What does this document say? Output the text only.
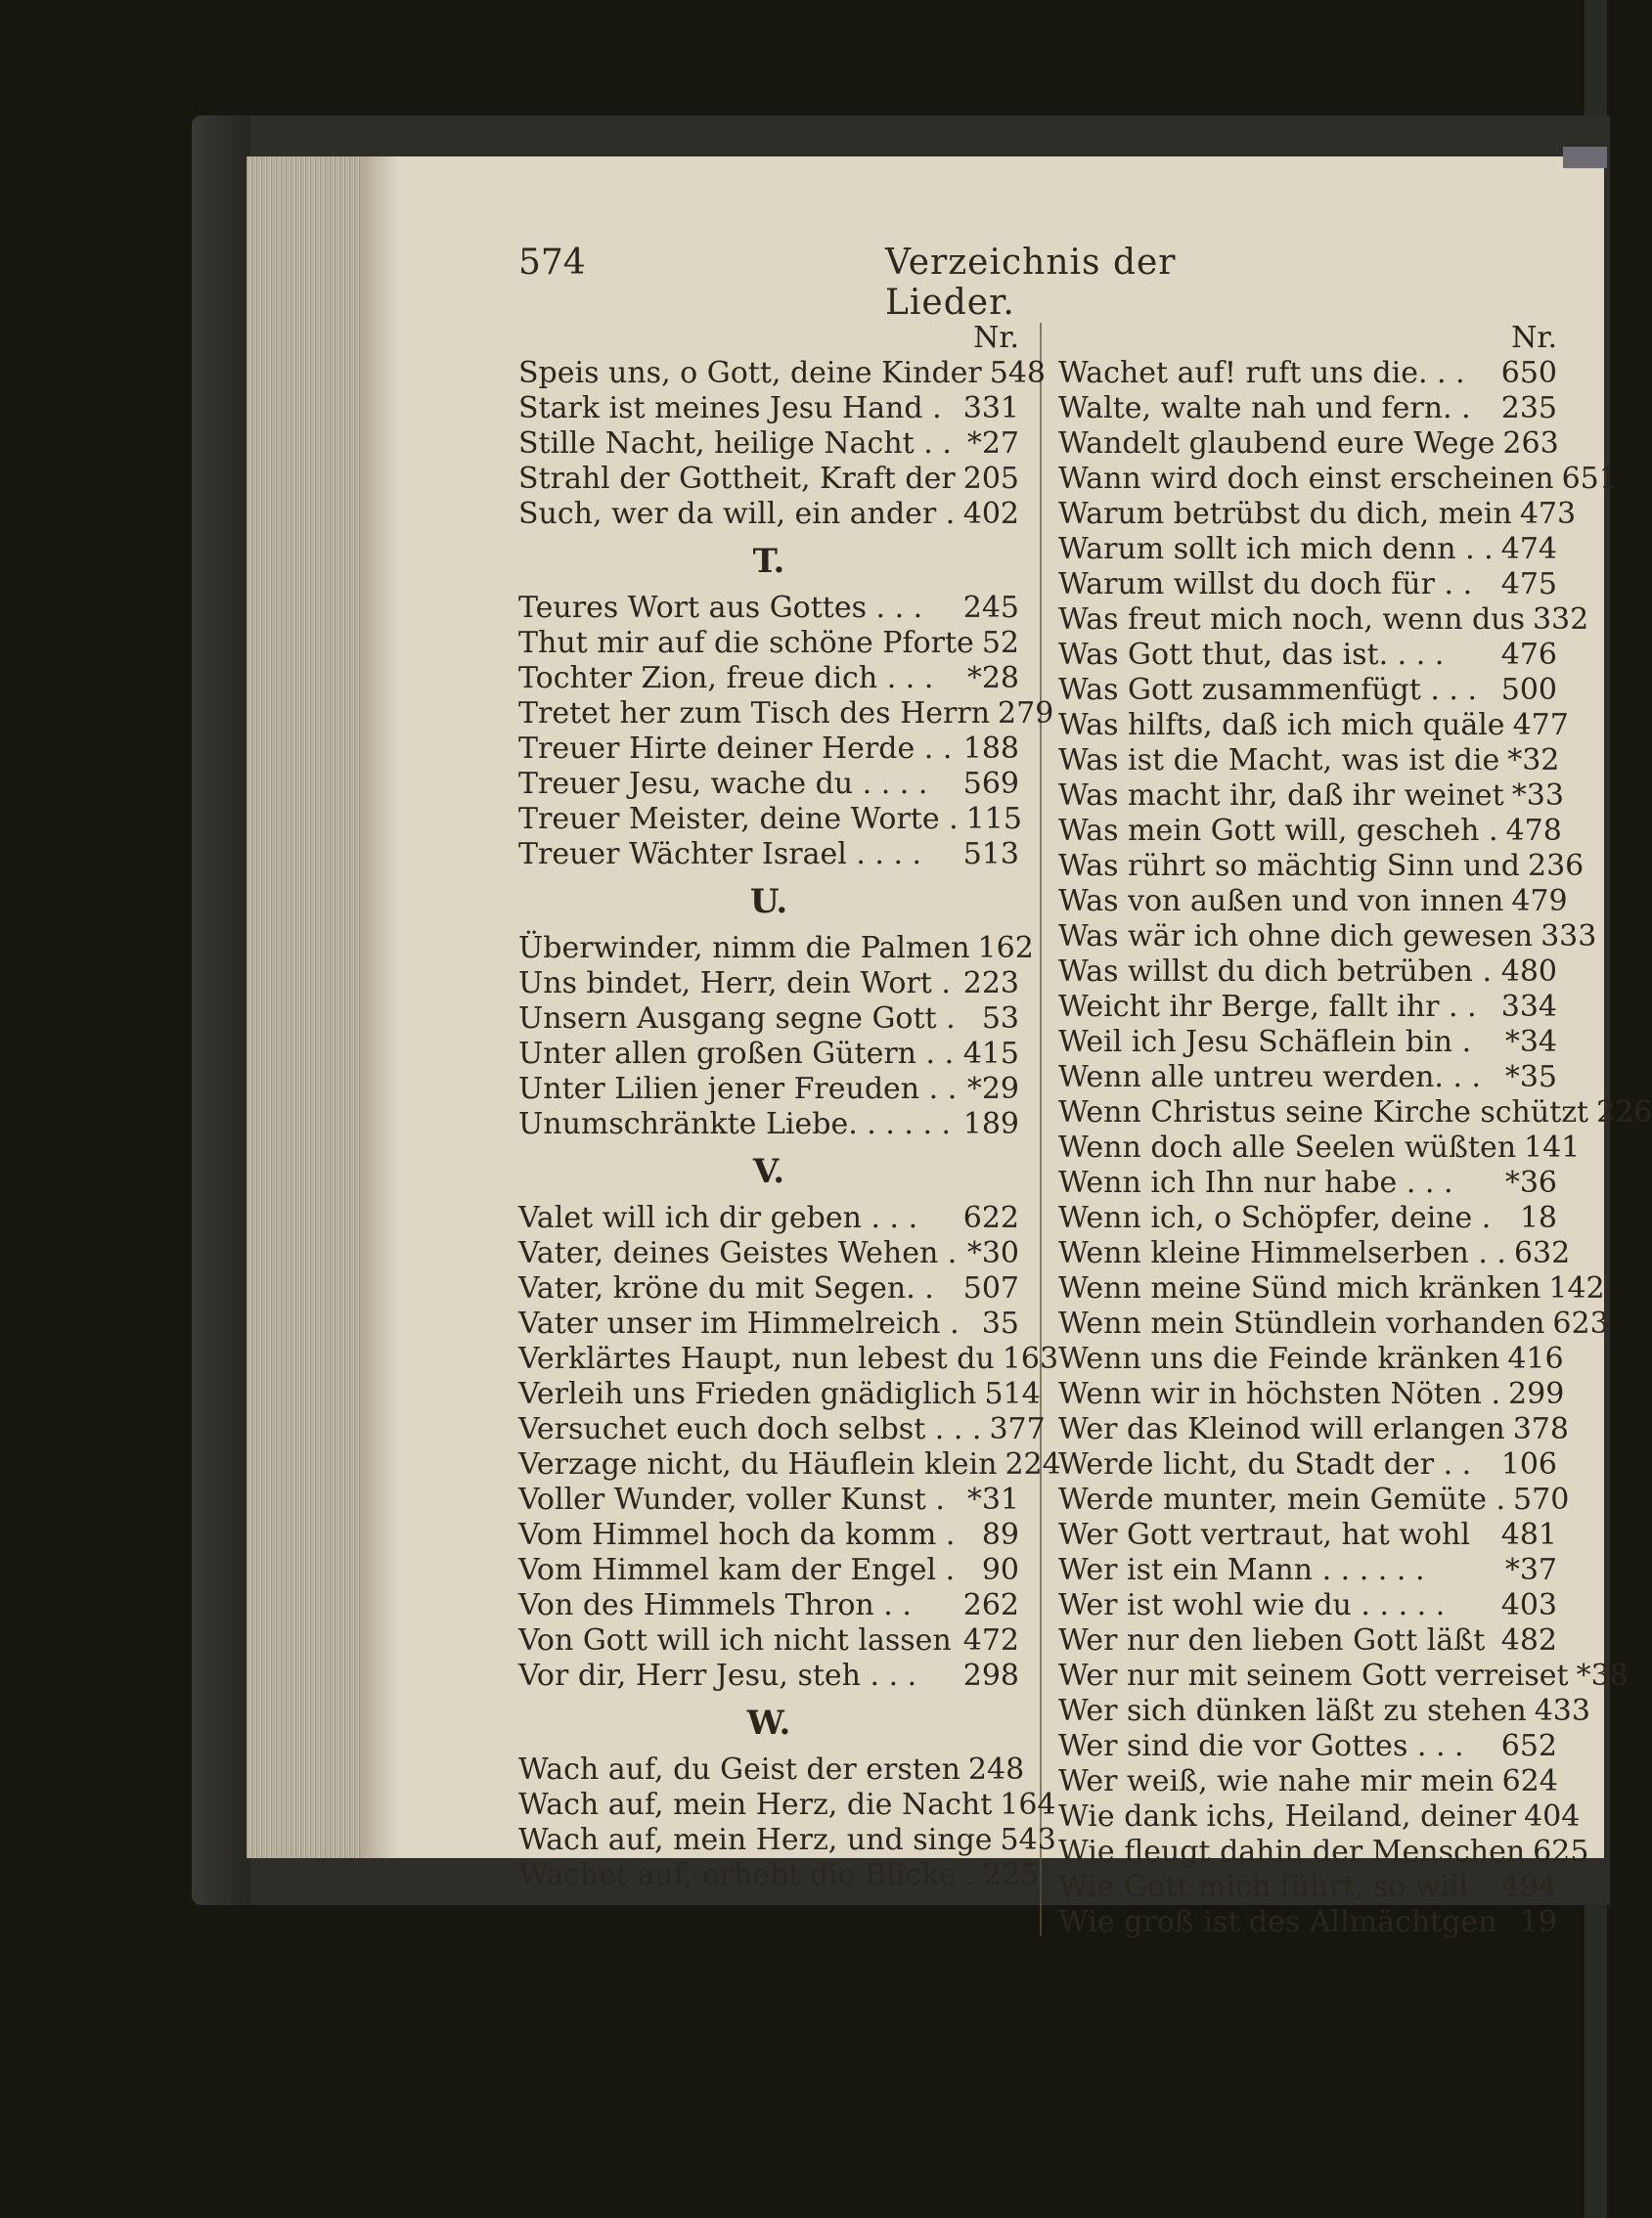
574	Verzeichnis der Lieder.
Nr.
Speis uns, o Gott, deine Kinder 548
Stark ist meines Jesu Hand . 331
Stille Nacht, heilige Nacht . . *27
Strahl der Gottheit, Kraft der 205
Such, wer da will, ein ander . 402
T.
Teures Wort aus Gottes . . . 245
Thut mir auf die schöne Pforte 52
Tochter Zion, freue dich . . . *28
Tretet her zum Tisch des Herrn 279
Treuer Hirte deiner Herde . . 188
Treuer Jesu, wache du . . . . 569
Treuer Meister, deine Worte . 115
Treuer Wächter Israel . . . . 513
U.
Überwinder, nimm die Palmen 162
Uns bindet, Herr, dein Wort . 223
Unsern Ausgang segne Gott . 53
Unter allen großen Gütern . . 415
Unter Lilien jener Freuden . . *29
Unumschränkte Liebe. . . . . . 189
V.
Valet will ich dir geben . . . 622
Vater, deines Geistes Wehen . *30
Vater, kröne du mit Segen. . 507
Vater unser im Himmelreich . 35
Verklärtes Haupt, nun lebest du 163
Verleih uns Frieden gnädiglich 514
Versuchet euch doch selbst . . . 377
Verzage nicht, du Häuflein klein 224
Voller Wunder, voller Kunst . *31
Vom Himmel hoch da komm . 89
Vom Himmel kam der Engel . 90
Von des Himmels Thron . . 262
Von Gott will ich nicht lassen 472
Vor dir, Herr Jesu, steh . . . 298
W.
Wach auf, du Geist der ersten 248
Wach auf, mein Herz, die Nacht 164
Wach auf, mein Herz, und singe 543
Wachet auf, erhebt die Blicke . 225
Nr.
Wachet auf! ruft uns die. . . 650
Walte, walte nah und fern. . 235
Wandelt glaubend eure Wege 263
Wann wird doch einst erscheinen 651
Warum betrübst du dich, mein 473
Warum sollt ich mich denn . . 474
Warum willst du doch für . . 475
Was freut mich noch, wenn dus 332
Was Gott thut, das ist. . . . 476
Was Gott zusammenfügt . . . 500
Was hilfts, daß ich mich quäle 477
Was ist die Macht, was ist die *32
Was macht ihr, daß ihr weinet *33
Was mein Gott will, gescheh . 478
Was rührt so mächtig Sinn und 236
Was von außen und von innen 479
Was wär ich ohne dich gewesen 333
Was willst du dich betrüben . 480
Weicht ihr Berge, fallt ihr . . 334
Weil ich Jesu Schäflein bin . *34
Wenn alle untreu werden. . . *35
Wenn Christus seine Kirche schützt 226
Wenn doch alle Seelen wüßten 141
Wenn ich Ihn nur habe . . . *36
Wenn ich, o Schöpfer, deine . 18
Wenn kleine Himmelserben . . 632
Wenn meine Sünd mich kränken 142
Wenn mein Stündlein vorhanden 623
Wenn uns die Feinde kränken 416
Wenn wir in höchsten Nöten . 299
Wer das Kleinod will erlangen 378
Werde licht, du Stadt der . . 106
Werde munter, mein Gemüte . 570
Wer Gott vertraut, hat wohl 481
Wer ist ein Mann . . . . . .	*37
Wer ist wohl wie du . . . . . 403
Wer nur den lieben Gott läßt 482
Wer nur mit seinem Gott verreiset *38
Wer sich dünken läßt zu stehen 433
Wer sind die vor Gottes . . . 652
Wer weiß, wie nahe mir mein 624
Wie dank ichs, Heiland, deiner 404
Wie fleugt dahin der Menschen 625
Wie Gott mich führt, so will 494
Wie groß ist des Allmächtgen 19
